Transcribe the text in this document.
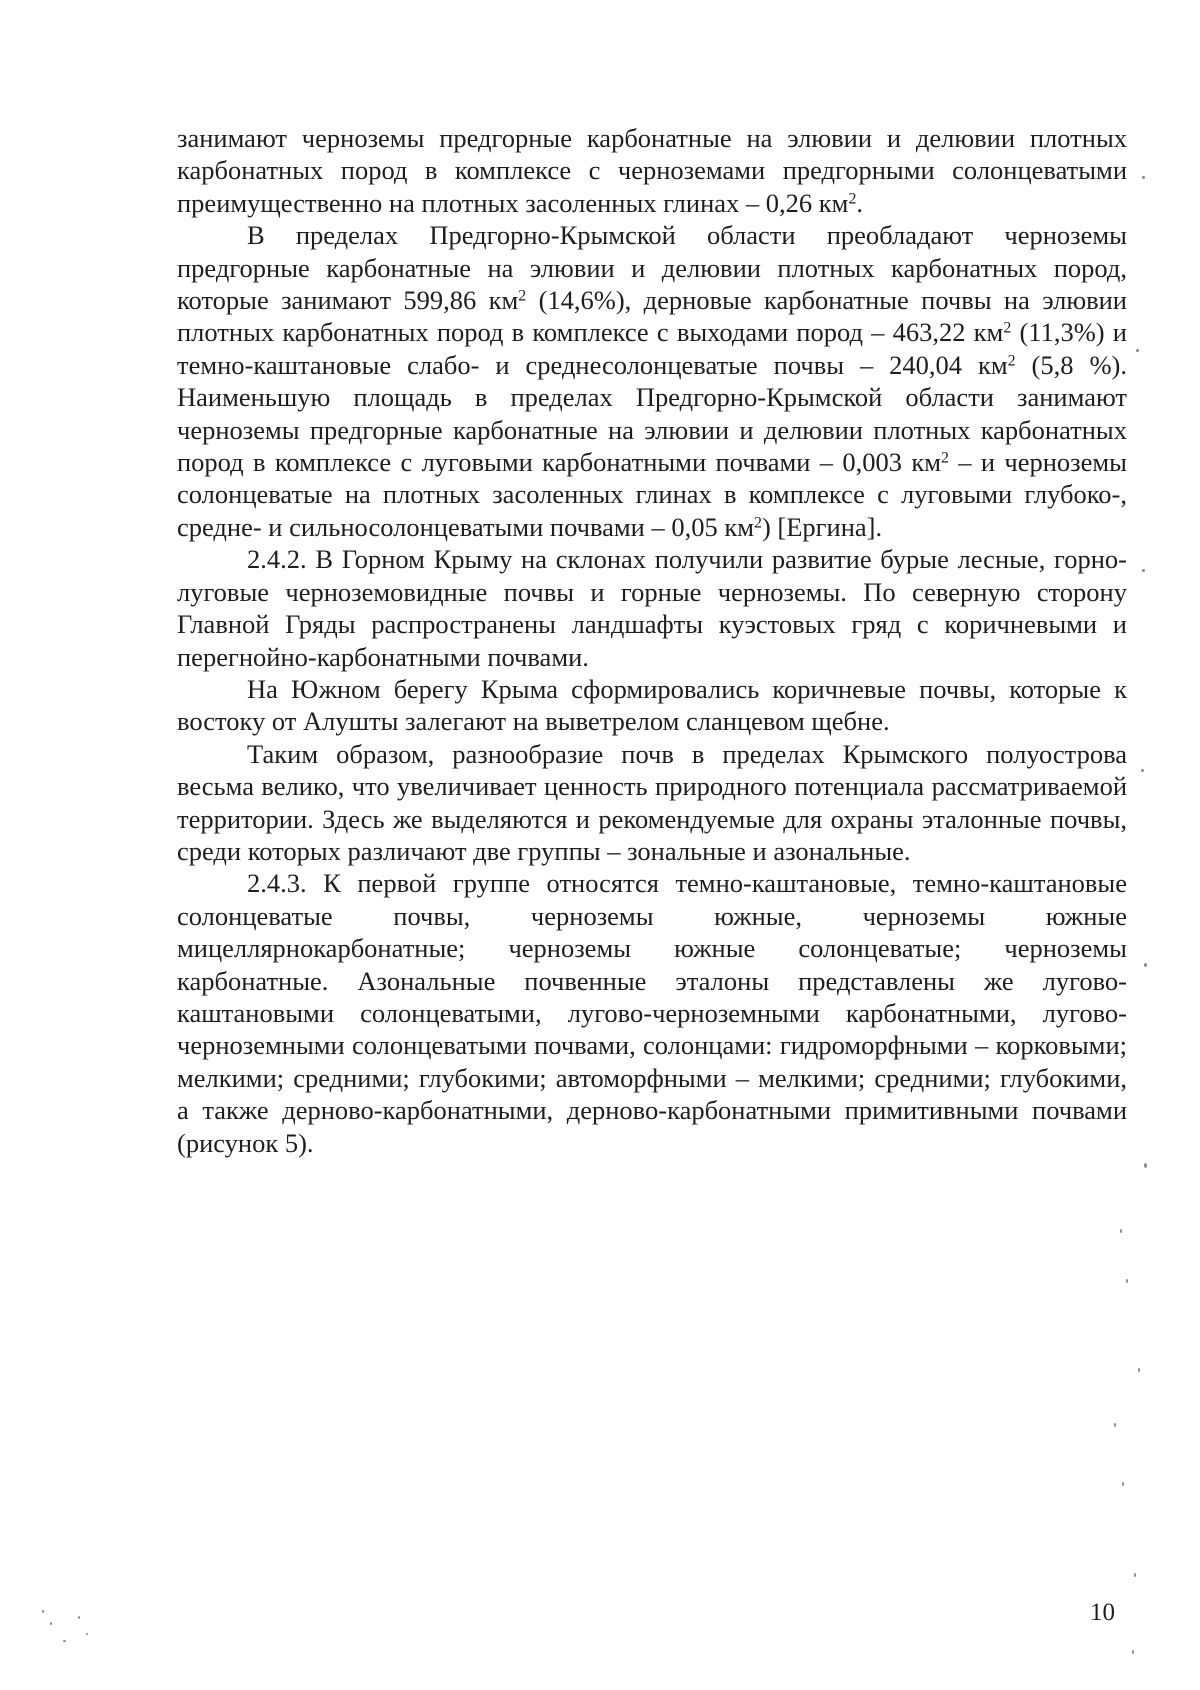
занимают черноземы предгорные карбонатные на элювии и делювии плотных карбонатных пород в комплексе с черноземами предгорными солонцеватыми преимущественно на плотных засоленных глинах – 0,26 $км^2$.

В пределах Предгорно-Крымской области преобладают черноземы предгорные карбонатные на элювии и делювии плотных карбонатных пород, которые занимают 599,86 $км^2$ (14,6%), дерновые карбонатные почвы на элювии плотных карбонатных пород в комплексе с выходами пород – 463,22 $км^2$ (11,3%) и темно-каштановые слабо- и среднесолонцеватые почвы – 240,04 $км^2$ (5,8 %). Наименьшую площадь в пределах Предгорно-Крымской области занимают черноземы предгорные карбонатные на элювии и делювии плотных карбонатных пород в комплексе с луговыми карбонатными почвами – 0,003 $км^2$ – и черноземы солонцеватые на плотных засоленных глинах в комплексе с луговыми глубоко-, средне- и сильносолонцеватыми почвами – 0,05 $км^2$) [Ергина].

2.4.2. В Горном Крыму на склонах получили развитие бурые лесные, горно-луговые черноземовидные почвы и горные черноземы. По северную сторону Главной Гряды распространены ландшафты куэстовых гряд с коричневыми и перегнойно-карбонатными почвами.

На Южном берегу Крыма сформировались коричневые почвы, которые к востоку от Алушты залегают на выветрелом сланцевом щебне.

Таким образом, разнообразие почв в пределах Крымского полуострова весьма велико, что увеличивает ценность природного потенциала рассматриваемой территории. Здесь же выделяются и рекомендуемые для охраны эталонные почвы, среди которых различают две группы – зональные и азональные.

2.4.3. К первой группе относятся темно-каштановые, темно-каштановые солонцеватые почвы, черноземы южные, черноземы южные мицеллярнокарбонатные; черноземы южные солонцеватые; черноземы карбонатные. Азональные почвенные эталоны представлены же лугово-каштановыми солонцеватыми, лугово-черноземными карбонатными, лугово-черноземными солонцеватыми почвами, солонцами: гидроморфными – корковыми; мелкими; средними; глубокими; автоморфными – мелкими; средними; глубокими, а также дерново-карбонатными, дерново-карбонатными примитивными почвами (рисунок 5).

10
